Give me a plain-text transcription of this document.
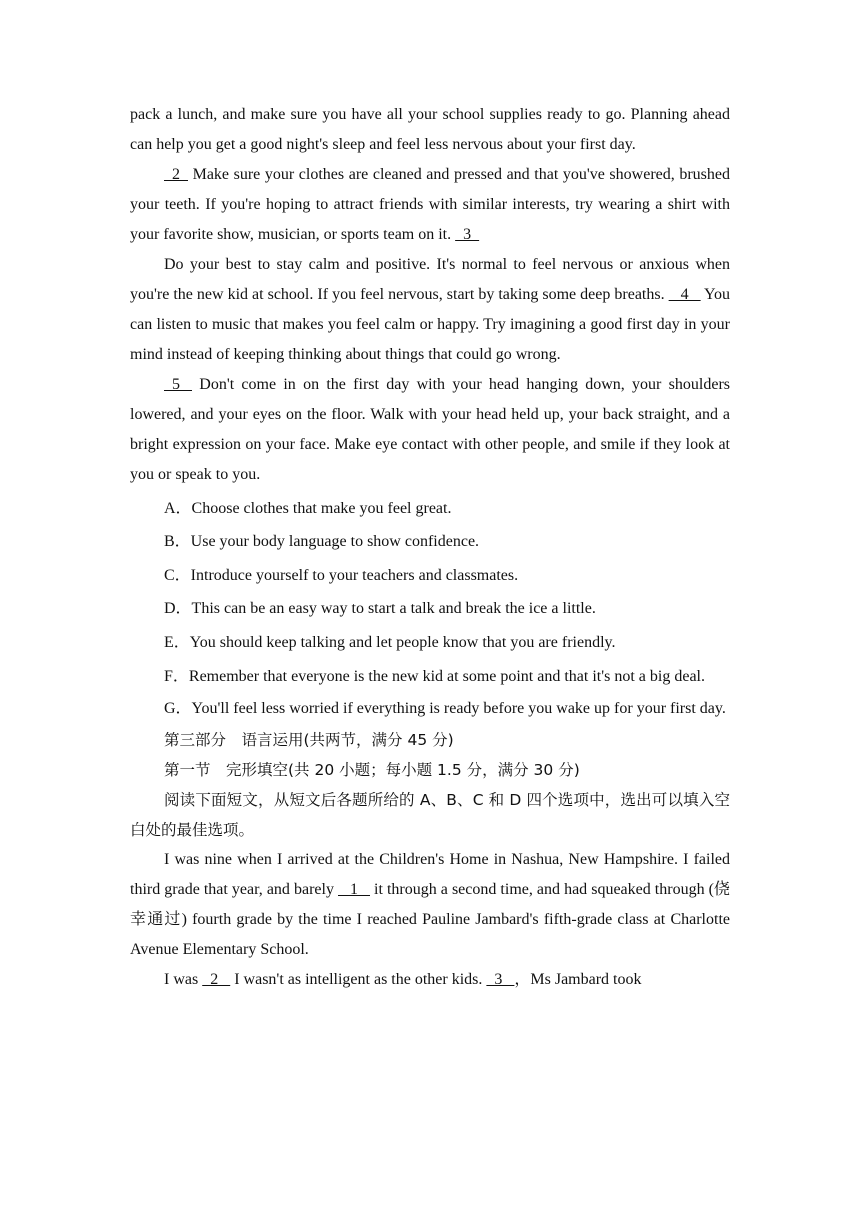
pack a lunch, and make sure you have all your school supplies ready to go. Planning ahead can help you get a good night's sleep and feel less nervous about your first day.

2   Make sure your clothes are cleaned and pressed and that you've showered, brushed your teeth. If you're hoping to attract friends with similar interests, try wearing a shirt with your favorite show, musician, or sports team on it.   3

Do your best to stay calm and positive. It's normal to feel nervous or anxious when you're the new kid at school. If you feel nervous, start by taking some deep breaths.    4    You can listen to music that makes you feel calm or happy. Try imagining a good first day in your mind instead of keeping thinking about things that could go wrong.

5    Don't come in on the first day with your head hanging down, your shoulders lowered, and your eyes on the floor. Walk with your head held up, your back straight, and a bright expression on your face. Make eye contact with other people, and smile if they look at you or speak to you.

A．Choose clothes that make you feel great.

B．Use your body language to show confidence.

C．Introduce yourself to your teachers and classmates.

D．This can be an easy way to start a talk and break the ice a little.

E．You should keep talking and let people know that you are friendly.

F．Remember that everyone is the new kid at some point and that it's not a big deal.

G．You'll feel less worried if everything is ready before you wake up for your first day.

第三部分　语言运用(共两节，满分 45 分)

第一节　完形填空(共 20 小题；每小题 1.5 分，满分 30 分)

阅读下面短文，从短文后各题所给的 A、B、C 和 D 四个选项中，选出可以填入空白处的最佳选项。

I was nine when I arrived at the Children's Home in Nashua, New Hampshire. I failed third grade that year, and barely    1    it through a second time, and had squeaked through (侥幸通过) fourth grade by the time I reached Pauline Jambard's fifth-grade class at Charlotte Avenue Elementary School.

I was   2    I wasn't as intelligent as the other kids.   3   ，Ms Jambard took
